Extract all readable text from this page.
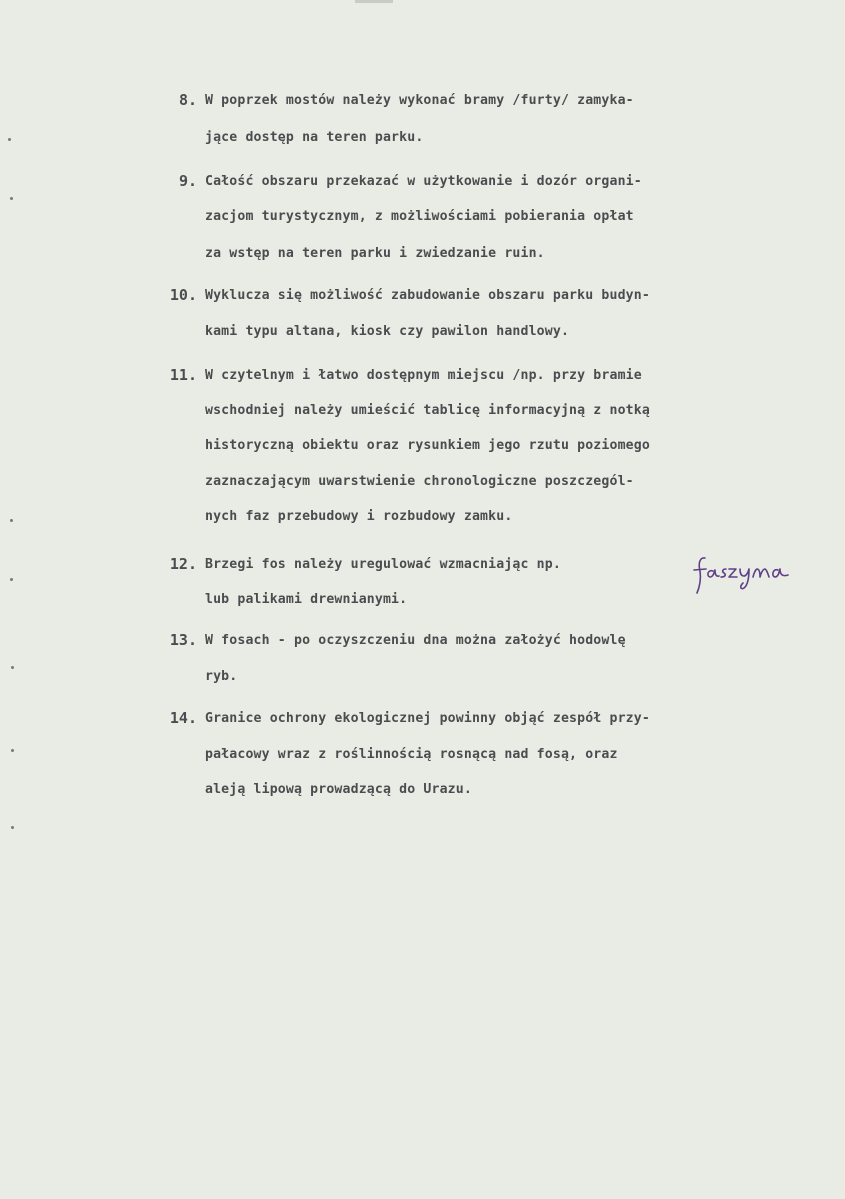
8. W poprzek mostów należy wykonać bramy /furty/ zamyka-
jące dostęp na teren parku.
9. Całość obszaru przekazać w użytkowanie i dozór organi-
zacjom turystycznym, z możliwościami pobierania opłat
za wstęp na teren parku i zwiedzanie ruin.
10. Wyklucza się możliwość zabudowanie obszaru parku budyn-
kami typu altana, kiosk czy pawilon handlowy.
11. W czytelnym i łatwo dostępnym miejscu /np. przy bramie
wschodniej należy umieścić tablicę informacyjną z notką
historyczną obiektu oraz rysunkiem jego rzutu poziomego
zaznaczającym uwarstwienie chronologiczne poszczegól-
nych faz przebudowy i rozbudowy zamku.
12. Brzegi fos należy uregulować wzmacniając np.
lub palikami drewnianymi.
13. W fosach - po oczyszczeniu dna można założyć hodowlę
ryb.
14. Granice ochrony ekologicznej powinny objąć zespół przy-
pałacowy wraz z roślinnością rosnącą nad fosą, oraz
aleją lipową prowadzącą do Urazu.
